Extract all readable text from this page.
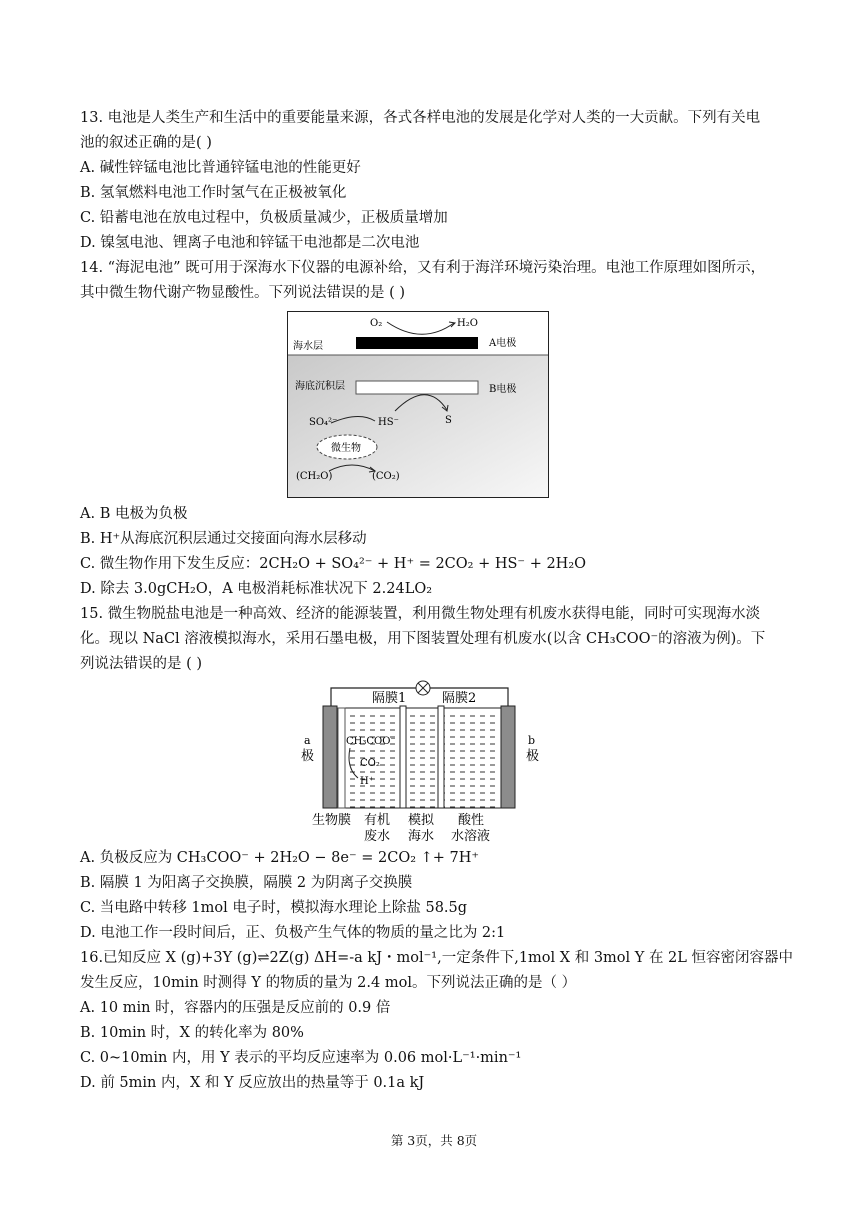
13. 电池是人类生产和生活中的重要能量来源，各式各样电池的发展是化学对人类的一大贡献。下列有关电
池的叙述正确的是( )
A. 碱性锌锰电池比普通锌锰电池的性能更好
B. 氢氧燃料电池工作时氢气在正极被氧化
C. 铅蓄电池在放电过程中，负极质量减少，正极质量增加
D. 镍氢电池、锂离子电池和锌锰干电池都是二次电池
14. “海泥电池” 既可用于深海水下仪器的电源补给，又有利于海洋环境污染治理。电池工作原理如图所示，
其中微生物代谢产物显酸性。下列说法错误的是 ( )
O₂	H₂O
海水层	A电极
海底沉积层	B电极
SO₄²⁻	HS⁻	S
微生物
(CH₂O)	(CO₂)
A. B 电极为负极
B. H⁺从海底沉积层通过交接面向海水层移动
C. 微生物作用下发生反应：2CH₂O + SO₄²⁻ + H⁺ = 2CO₂ + HS⁻ + 2H₂O
D. 除去 3.0gCH₂O，A 电极消耗标准状况下 2.24LO₂
15. 微生物脱盐电池是一种高效、经济的能源装置，利用微生物处理有机废水获得电能，同时可实现海水淡
化。现以 NaCl 溶液模拟海水，采用石墨电极，用下图装置处理有机废水(以含 CH₃COO⁻的溶液为例)。下
列说法错误的是 ( )
隔膜1	隔膜2
a
极
b
极
CH₃COO⁻
CO₂
H⁺
生物膜 有机
废水
模拟
海水
酸性
水溶液
A. 负极反应为 CH₃COO⁻ + 2H₂O − 8e⁻ = 2CO₂ ↑+ 7H⁺
B. 隔膜 1 为阳离子交换膜，隔膜 2 为阴离子交换膜
C. 当电路中转移 1mol 电子时，模拟海水理论上除盐 58.5g
D. 电池工作一段时间后，正、负极产生气体的物质的量之比为 2:1
16.已知反应 X (g)+3Y (g)⇌2Z(g) ΔH=-a kJ・mol⁻¹,一定条件下,1mol X 和 3mol Y 在 2L 恒容密闭容器中
发生反应，10min 时测得 Y 的物质的量为 2.4 mol。下列说法正确的是（ ）
A. 10 min 时，容器内的压强是反应前的 0.9 倍
B. 10min 时，X 的转化率为 80%
C. 0~10min 内，用 Y 表示的平均反应速率为 0.06 mol·L⁻¹·min⁻¹
D. 前 5min 内，X 和 Y 反应放出的热量等于 0.1a kJ
第 3页，共 8页
